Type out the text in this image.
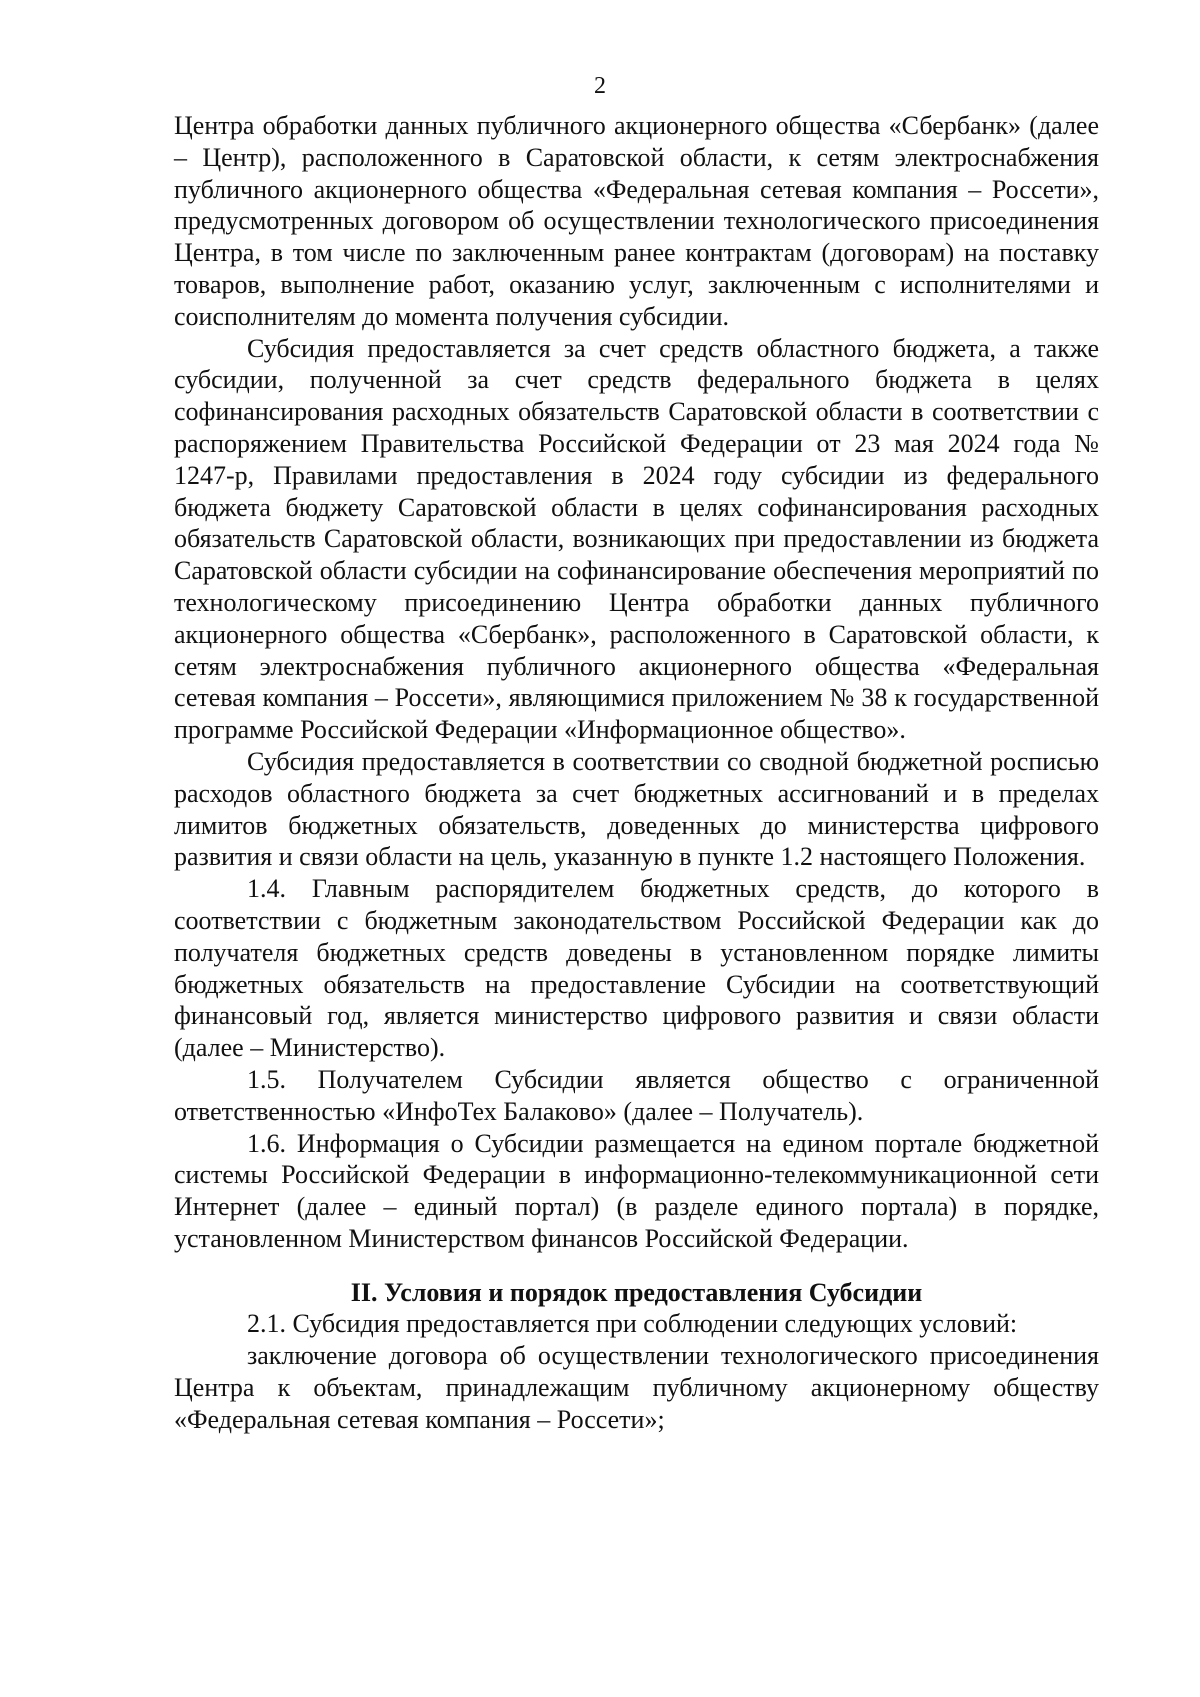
2

Центра обработки данных публичного акционерного общества «Сбербанк» (далее – Центр), расположенного в Саратовской области, к сетям электроснабжения публичного акционерного общества «Федеральная сетевая компания – Россети», предусмотренных договором об осуществлении технологического присоединения Центра, в том числе по заключенным ранее контрактам (договорам) на поставку товаров, выполнение работ, оказанию услуг, заключенным с исполнителями и соисполнителям до момента получения субсидии.

Субсидия предоставляется за счет средств областного бюджета, а также субсидии, полученной за счет средств федерального бюджета в целях софинансирования расходных обязательств Саратовской области в соответствии с распоряжением Правительства Российской Федерации от 23 мая 2024 года № 1247-р, Правилами предоставления в 2024 году субсидии из федерального бюджета бюджету Саратовской области в целях софинансирования расходных обязательств Саратовской области, возникающих при предоставлении из бюджета Саратовской области субсидии на софинансирование обеспечения мероприятий по технологическому присоединению Центра обработки данных публичного акционерного общества «Сбербанк», расположенного в Саратовской области, к сетям электроснабжения публичного акционерного общества «Федеральная сетевая компания – Россети», являющимися приложением № 38 к государственной программе Российской Федерации «Информационное общество».

Субсидия предоставляется в соответствии со сводной бюджетной росписью расходов областного бюджета за счет бюджетных ассигнований и в пределах лимитов бюджетных обязательств, доведенных до министерства цифрового развития и связи области на цель, указанную в пункте 1.2 настоящего Положения.

1.4. Главным распорядителем бюджетных средств, до которого в соответствии с бюджетным законодательством Российской Федерации как до получателя бюджетных средств доведены в установленном порядке лимиты бюджетных обязательств на предоставление Субсидии на соответствующий финансовый год, является министерство цифрового развития и связи области (далее – Министерство).

1.5. Получателем Субсидии является общество с ограниченной ответственностью «ИнфоТех Балаково» (далее – Получатель).

1.6. Информация о Субсидии размещается на едином портале бюджетной системы Российской Федерации в информационно-телекоммуникационной сети Интернет (далее – единый портал) (в разделе единого портала) в порядке, установленном Министерством финансов Российской Федерации.

II. Условия и порядок предоставления Субсидии

2.1. Субсидия предоставляется при соблюдении следующих условий:

заключение договора об осуществлении технологического присоединения Центра к объектам, принадлежащим публичному акционерному обществу «Федеральная сетевая компания – Россети»;
